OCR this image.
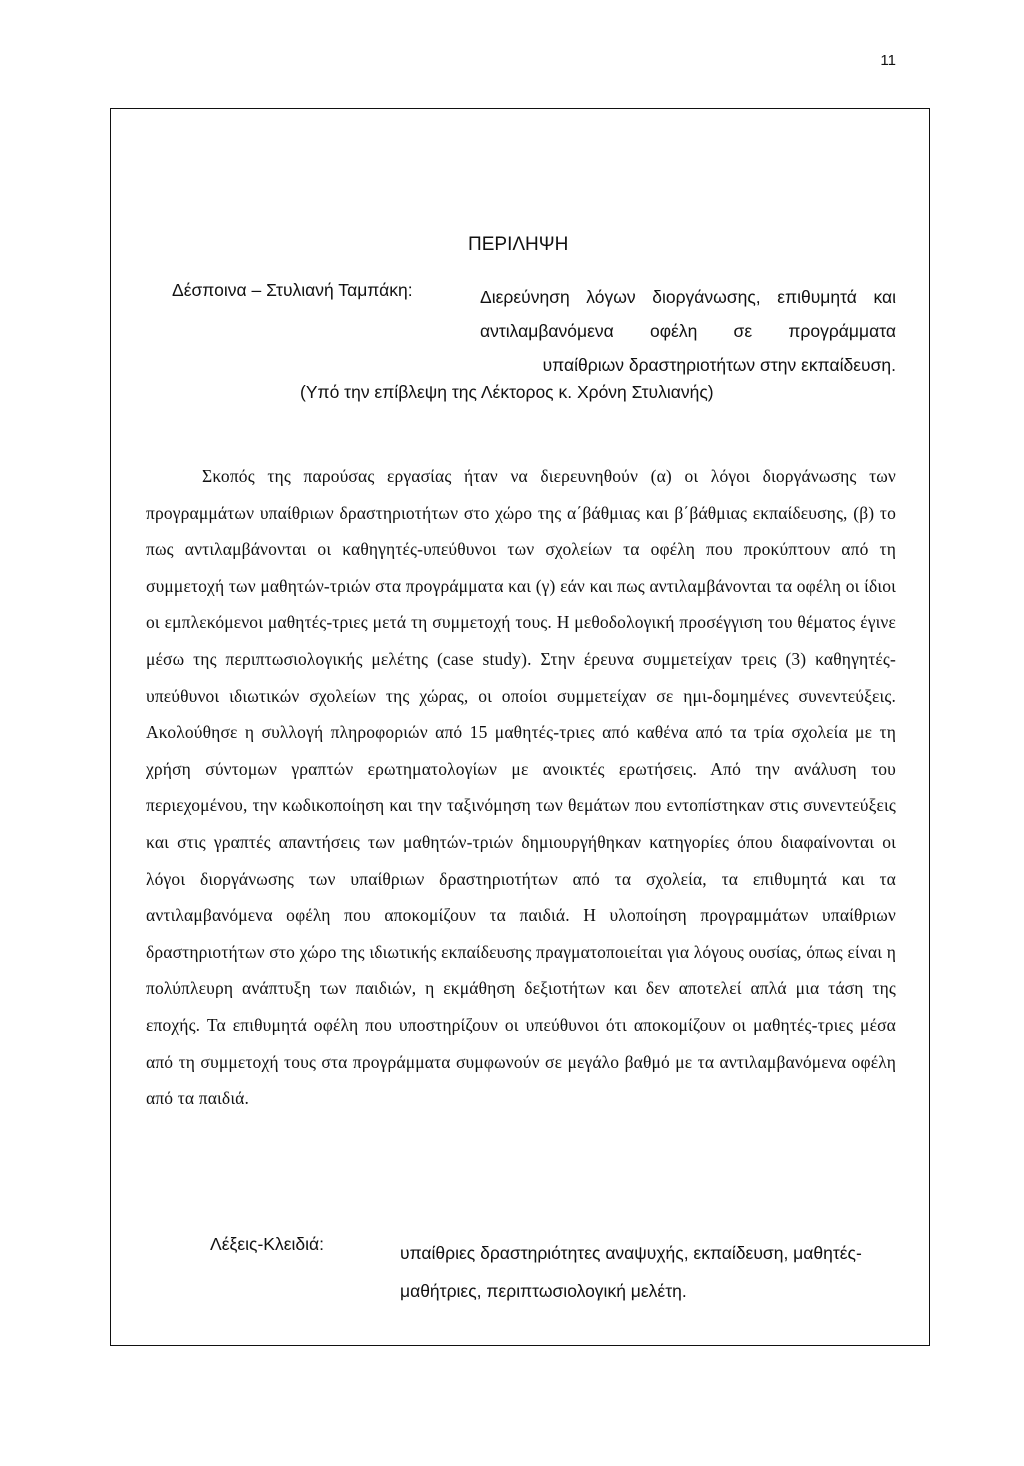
11
ΠΕΡΙΛΗΨΗ

Δέσποινα – Στυλιανή Ταμπάκη:	Διερεύνηση λόγων διοργάνωσης, επιθυμητά και
αντιλαμβανόμενα οφέλη σε προγράμματα
υπαίθριων δραστηριοτήτων στην εκπαίδευση.

(Υπό την επίβλεψη της Λέκτορος κ. Χρόνη Στυλιανής)

Σκοπός της παρούσας εργασίας ήταν να διερευνηθούν (α) οι λόγοι διοργάνωσης των προγραμμάτων υπαίθριων δραστηριοτήτων στο χώρο της α΄βάθμιας και β΄βάθμιας εκπαίδευσης, (β) το πως αντιλαμβάνονται οι καθηγητές-υπεύθυνοι των σχολείων τα οφέλη που προκύπτουν από τη συμμετοχή των μαθητών-τριών στα προγράμματα και (γ) εάν και πως αντιλαμβάνονται τα οφέλη οι ίδιοι οι εμπλεκόμενοι μαθητές-τριες μετά τη συμμετοχή τους. Η μεθοδολογική προσέγγιση του θέματος έγινε μέσω της περιπτωσιολογικής μελέτης (case study). Στην έρευνα συμμετείχαν τρεις (3) καθηγητές-υπεύθυνοι ιδιωτικών σχολείων της χώρας, οι οποίοι συμμετείχαν σε ημι-δομημένες συνεντεύξεις. Ακολούθησε η συλλογή πληροφοριών από 15 μαθητές-τριες από καθένα από τα τρία σχολεία με τη χρήση σύντομων γραπτών ερωτηματολογίων με ανοικτές ερωτήσεις. Από την ανάλυση του περιεχομένου, την κωδικοποίηση και την ταξινόμηση των θεμάτων που εντοπίστηκαν στις συνεντεύξεις και στις γραπτές απαντήσεις των μαθητών-τριών δημιουργήθηκαν κατηγορίες όπου διαφαίνονται οι λόγοι διοργάνωσης των υπαίθριων δραστηριοτήτων από τα σχολεία, τα επιθυμητά και τα αντιλαμβανόμενα οφέλη που αποκομίζουν τα παιδιά. Η υλοποίηση προγραμμάτων υπαίθριων δραστηριοτήτων στο χώρο της ιδιωτικής εκπαίδευσης πραγματοποιείται για λόγους ουσίας, όπως είναι η πολύπλευρη ανάπτυξη των παιδιών, η εκμάθηση δεξιοτήτων και δεν αποτελεί απλά μια τάση της εποχής. Τα επιθυμητά οφέλη που υποστηρίζουν οι υπεύθυνοι ότι αποκομίζουν οι μαθητές-τριες μέσα από τη συμμετοχή τους στα προγράμματα συμφωνούν σε μεγάλο βαθμό με τα αντιλαμβανόμενα οφέλη από τα παιδιά.

Λέξεις-Κλειδιά:	υπαίθριες δραστηριότητες αναψυχής, εκπαίδευση, μαθητές-μαθήτριες, περιπτωσιολογική μελέτη.
